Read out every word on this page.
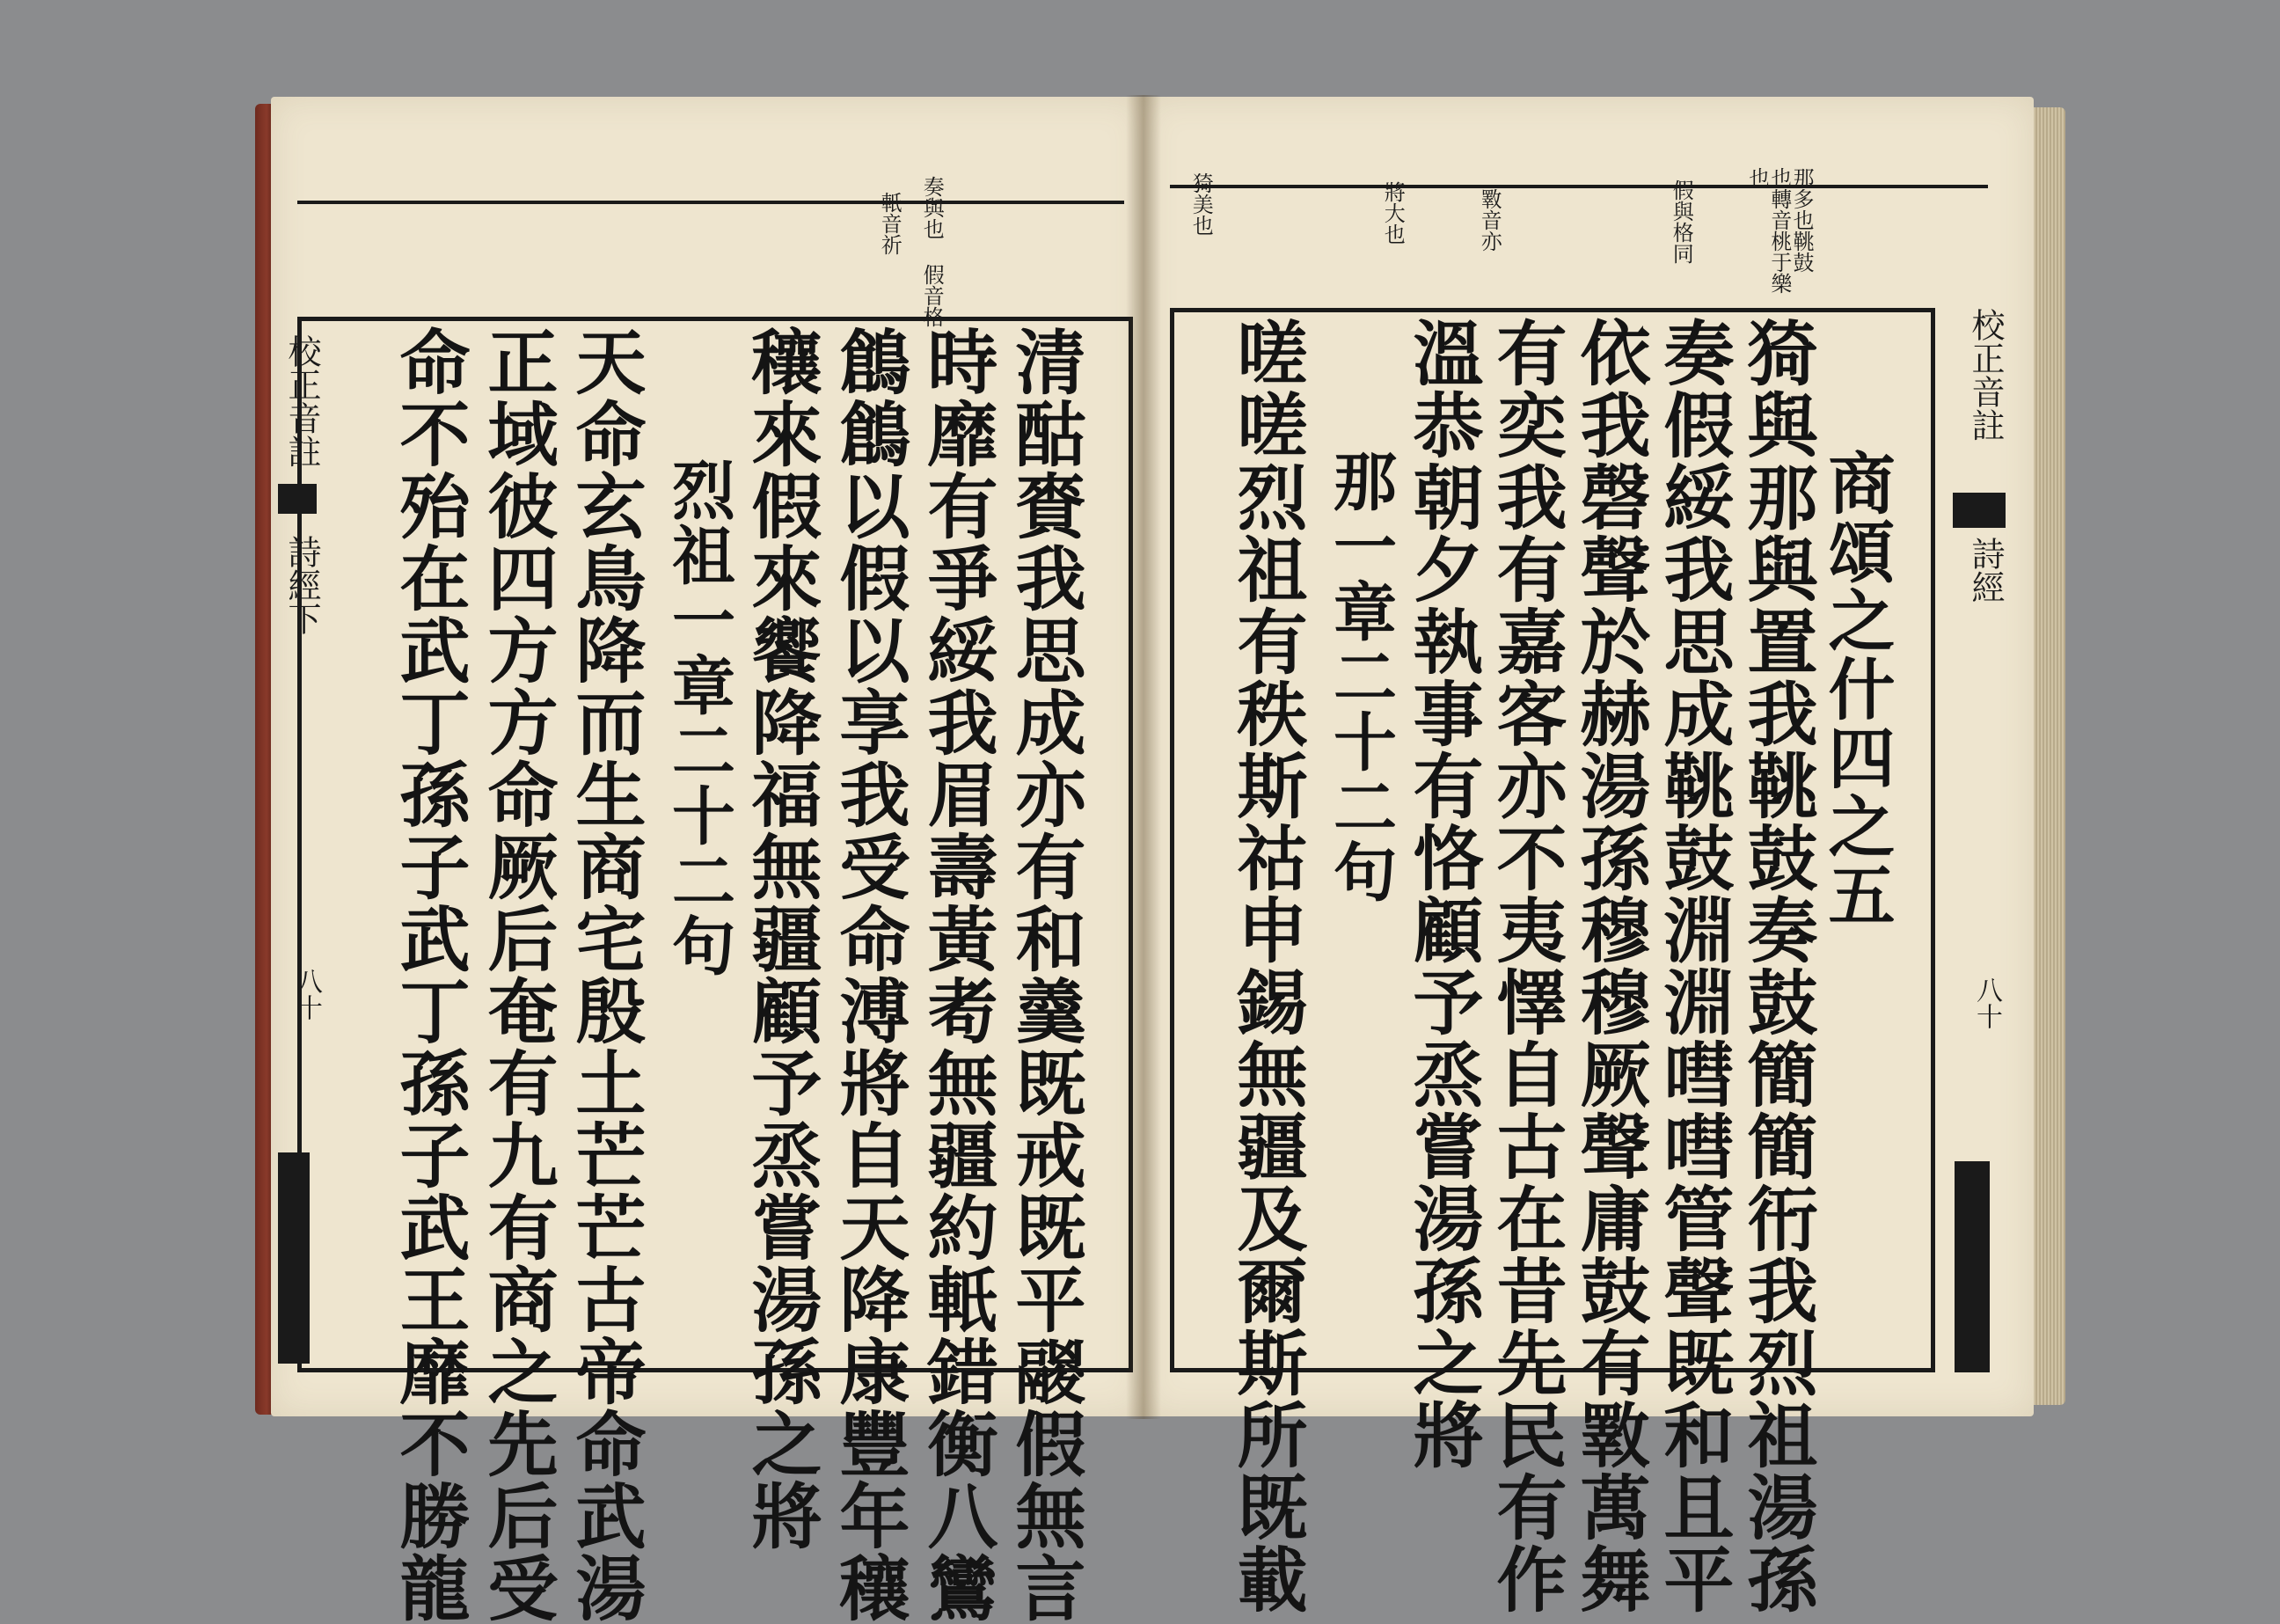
奏與也 假音格
軝音祈
校正音註
詩經下
八十	清酤賚我思成亦有和羹既戒既平鬷假無言
時靡有爭綏我眉壽黃耇無疆約軝錯衡八鸞
鶬鶬以假以享我受命溥將自天降康豐年穰
穰來假來饗降福無疆顧予烝嘗湯孫之將
烈祖一章二十二句
天命玄鳥降而生商宅殷土芒芒古帝命武湯
正域彼四方方命厥后奄有九有商之先后受
命不殆在武丁孫子武丁孫子武王靡不勝龍
猗美也	將大也	斁音亦	假與格同	那多也鞉鼓 也轉音桃于樂也
校正音註
詩經
八十
商頌之什四之五
猗與那與置我鞉鼓奏鼓簡簡衎我烈祖湯孫
奏假綏我思成鞉鼓淵淵嘒嘒管聲既和且平
依我磬聲於赫湯孫穆穆厥聲庸鼓有斁萬舞
有奕我有嘉客亦不夷懌自古在昔先民有作
溫恭朝夕執事有恪顧予烝嘗湯孫之將
那一章二十二句
嗟嗟烈祖有秩斯祜申錫無疆及爾斯所既載
